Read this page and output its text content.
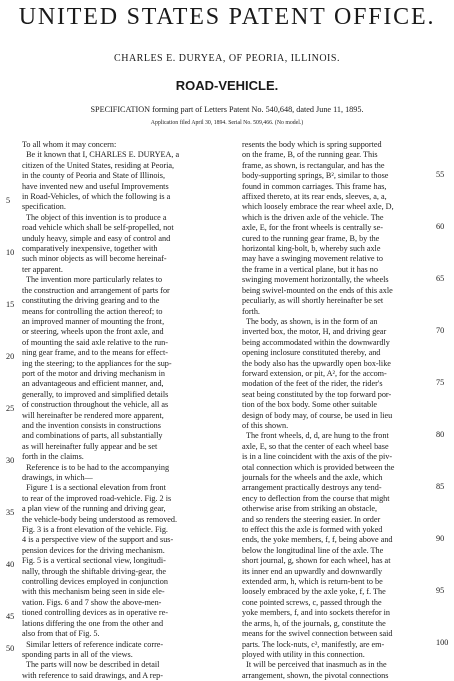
UNITED STATES PATENT OFFICE.
CHARLES E. DURYEA, OF PEORIA, ILLINOIS.
ROAD-VEHICLE.
SPECIFICATION forming part of Letters Patent No. 540,648, dated June 11, 1895.
Application filed April 30, 1894. Serial No. 509,466. (No model.)

To all whom it may concern:
Be it known that I, CHARLES E. DURYEA, a
citizen of the United States, residing at Peoria,
in the county of Peoria and State of Illinois,
have invented new and useful Improvements
in Road-Vehicles, of which the following is a
specification.
The object of this invention is to produce a
road vehicle which shall be self-propelled, not
unduly heavy, simple and easy of control and
comparatively inexpensive, together with
such minor objects as will become hereinaf-
ter apparent.
The invention more particularly relates to
the construction and arrangement of parts for
constituting the driving gearing and to the
means for controlling the action thereof; to
an improved manner of mounting the front,
or steering, wheels upon the front axle, and
of mounting the said axle relative to the run-
ning gear frame, and to the means for effect-
ing the steering; to the appliances for the sup-
port of the motor and driving mechanism in
an advantageous and efficient manner, and,
generally, to improved and simplified details
of construction throughout the vehicle, all as
will hereinafter be rendered more apparent,
and the invention consists in constructions
and combinations of parts, all substantially
as will hereinafter fully appear and be set
forth in the claims.
Reference is to be had to the accompanying
drawings, in which—
Figure 1 is a sectional elevation from front
to rear of the improved road-vehicle. Fig. 2 is
a plan view of the running and driving gear,
the vehicle-body being understood as removed.
Fig. 3 is a front elevation of the vehicle. Fig.
4 is a perspective view of the support and sus-
pension devices for the driving mechanism.
Fig. 5 is a vertical sectional view, longitudi-
nally, through the shiftable driving-gear, the
controlling devices employed in conjunction
with this mechanism being seen in side ele-
vation. Figs. 6 and 7 show the above-men-
tioned controlling devices as in operative re-
lations differing the one from the other and
also from that of Fig. 5.
Similar letters of reference indicate corre-
sponding parts in all of the views.
The parts will now be described in detail
with reference to said drawings, and A rep-

resents the body which is spring supported
on the frame, B, of the running gear. This
frame, as shown, is rectangular, and has the
body-supporting springs, B², similar to those
found in common carriages. This frame has,
affixed thereto, at its rear ends, sleeves, a, a,
which loosely embrace the rear wheel axle, D,
which is the driven axle of the vehicle. The
axle, E, for the front wheels is centrally se-
cured to the running gear frame, B, by the
horizontal king-bolt, b, whereby such axle
may have a swinging movement relative to
the frame in a vertical plane, but it has no
swinging movement horizontally, the wheels
being swivel-mounted on the ends of this axle
peculiarly, as will shortly hereinafter be set
forth.
The body, as shown, is in the form of an
inverted box, the motor, H, and driving gear
being accommodated within the downwardly
opening inclosure constituted thereby, and
the body also has the upwardly open box-like
forward extension, or pit, A², for the accom-
modation of the feet of the rider, the rider's
seat being constituted by the top forward por-
tion of the box body. Some other suitable
design of body may, of course, be used in lieu
of this shown.
The front wheels, d, d, are hung to the front
axle, E, so that the center of each wheel base
is in a line coincident with the axis of the piv-
otal connection which is provided between the
journals for the wheels and the axle, which
arrangement practically destroys any tend-
ency to deflection from the course that might
otherwise arise from striking an obstacle,
and so renders the steering easier. In order
to effect this the axle is formed with yoked
ends, the yoke members, f, f, being above and
below the longitudinal line of the axle. The
short journal, g, shown for each wheel, has at
its inner end an upwardly and downwardly
extended arm, h, which is return-bent to be
loosely embraced by the axle yoke, f, f. The
cone pointed screws, c, passed through the
yoke members, f, and into sockets therefor in
the arms, h, of the journals, g, constitute the
means for the swivel connection between said
parts. The lock-nuts, c², manifestly, are em-
ployed with utility in this connection.
It will be perceived that inasmuch as in the
arrangement, shown, the pivotal connections

5
10
15
20
25
30
35
40
45
50
55
60
65
70
75
80
85
90
95
100
